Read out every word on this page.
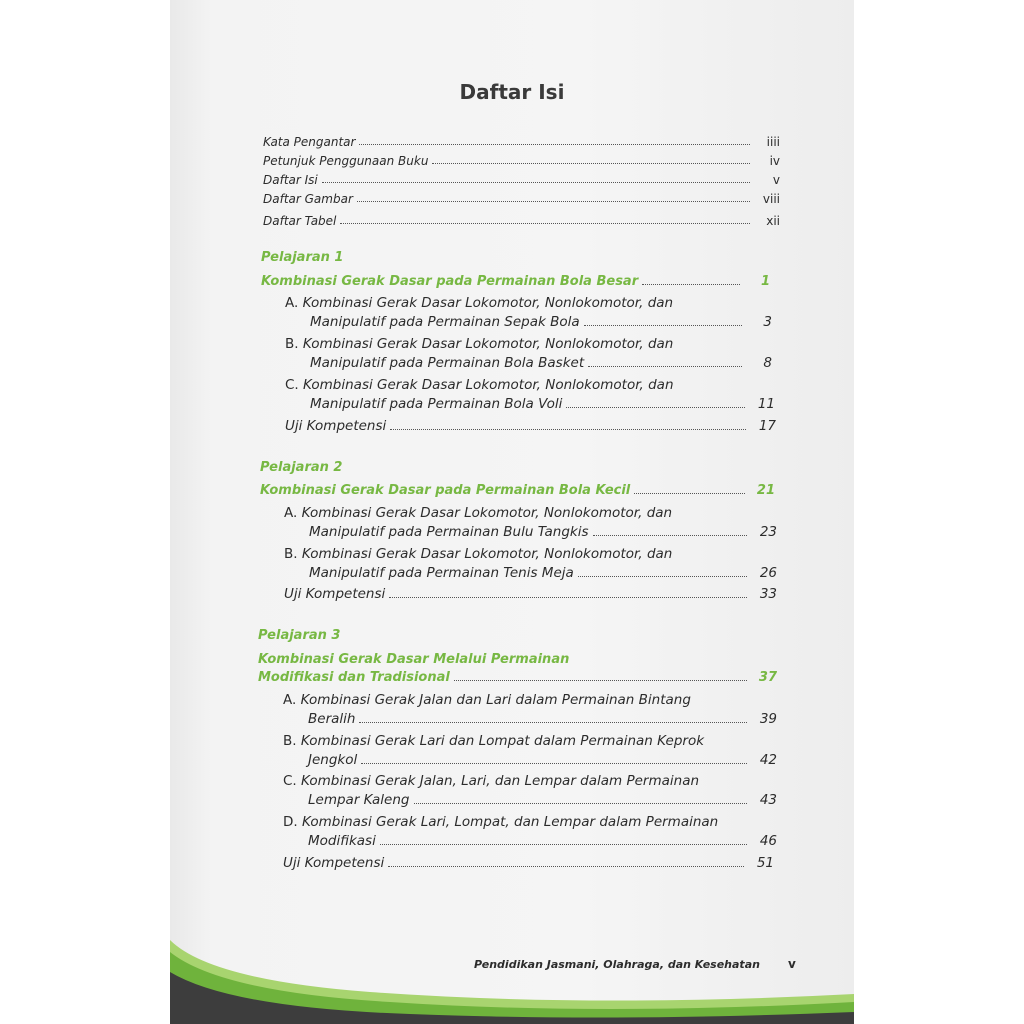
Daftar Isi
Kata Pengantar	iiii
Petunjuk Penggunaan Buku	iv
Daftar Isi	v
Daftar Gambar	viii
Daftar Tabel	xii
Pelajaran 1
Kombinasi Gerak Dasar pada Permainan Bola Besar	1
A. Kombinasi Gerak Dasar Lokomotor, Nonlokomotor, dan
Manipulatif pada Permainan Sepak Bola	3
B. Kombinasi Gerak Dasar Lokomotor, Nonlokomotor, dan
Manipulatif pada Permainan Bola Basket	8
C. Kombinasi Gerak Dasar Lokomotor, Nonlokomotor, dan
Manipulatif pada Permainan Bola Voli	11
Uji Kompetensi	17
Pelajaran 2
Kombinasi Gerak Dasar pada Permainan Bola Kecil	21
A. Kombinasi Gerak Dasar Lokomotor, Nonlokomotor, dan
Manipulatif pada Permainan Bulu Tangkis	23
B. Kombinasi Gerak Dasar Lokomotor, Nonlokomotor, dan
Manipulatif pada Permainan Tenis Meja	26
Uji Kompetensi	33
Pelajaran 3
Kombinasi Gerak Dasar Melalui Permainan
Modifikasi dan Tradisional	37
A. Kombinasi Gerak Jalan dan Lari dalam Permainan Bintang
Beralih	39
B. Kombinasi Gerak Lari dan Lompat dalam Permainan Keprok
Jengkol	42
C. Kombinasi Gerak Jalan, Lari, dan Lempar dalam Permainan
Lempar Kaleng	43
D. Kombinasi Gerak Lari, Lompat, dan Lempar dalam Permainan
Modifikasi	46
Uji Kompetensi	51
Pendidikan Jasmani, Olahraga, dan Kesehatan v
